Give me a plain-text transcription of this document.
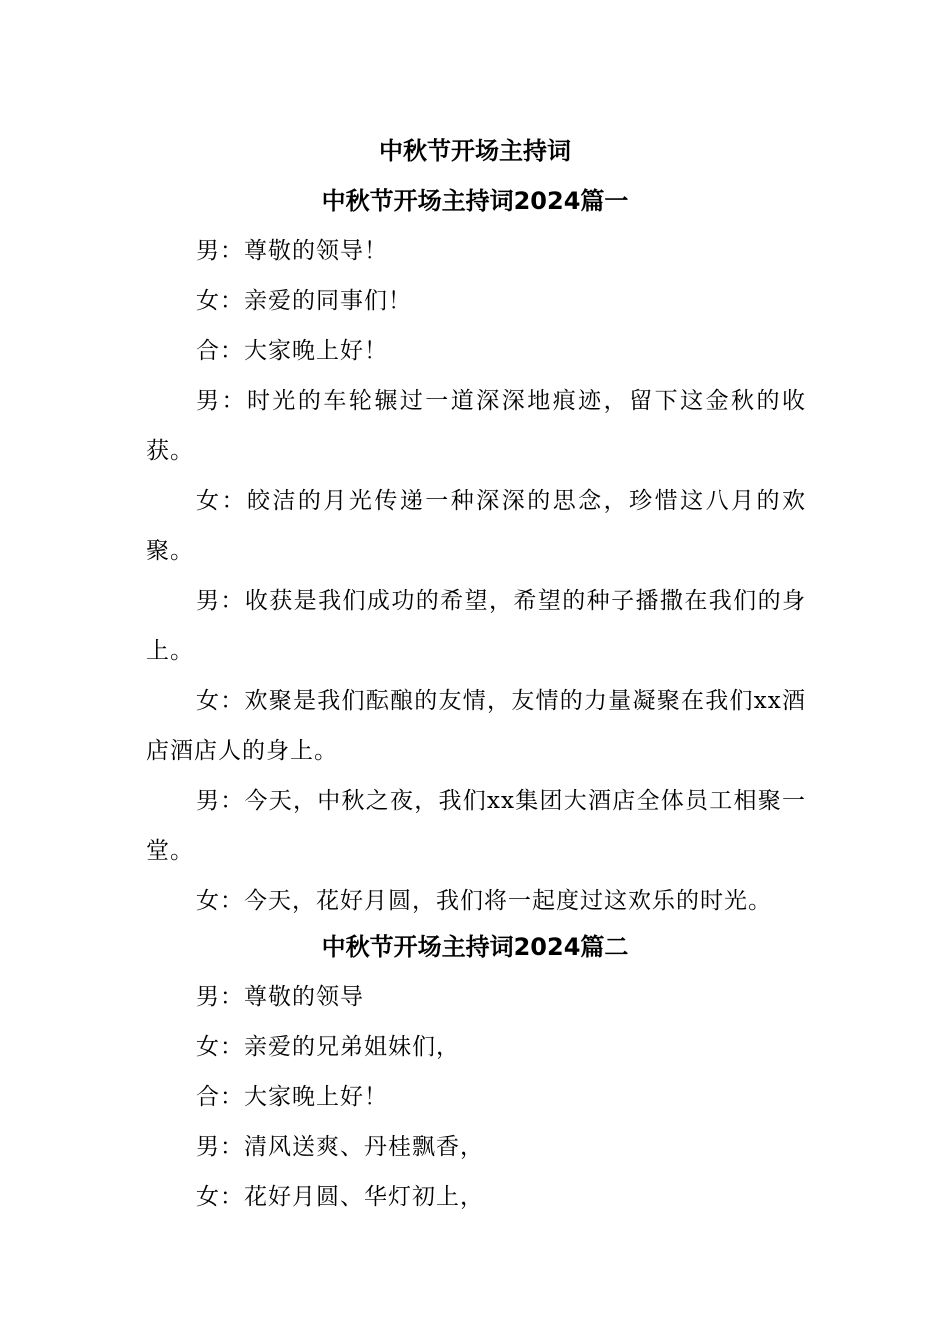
中秋节开场主持词
中秋节开场主持词2024篇一

男：尊敬的领导！

女：亲爱的同事们！

合：大家晚上好！

男：时光的车轮辗过一道深深地痕迹，留下这金秋的收获。

女：皎洁的月光传递一种深深的思念，珍惜这八月的欢聚。

男：收获是我们成功的希望，希望的种子播撒在我们的身上。

女：欢聚是我们酝酿的友情，友情的力量凝聚在我们xx酒店酒店人的身上。

男：今天，中秋之夜，我们xx集团大酒店全体员工相聚一堂。

女：今天，花好月圆，我们将一起度过这欢乐的时光。

中秋节开场主持词2024篇二

男：尊敬的领导

女：亲爱的兄弟姐妹们，

合：大家晚上好！

男：清风送爽、丹桂飘香，

女：花好月圆、华灯初上，
